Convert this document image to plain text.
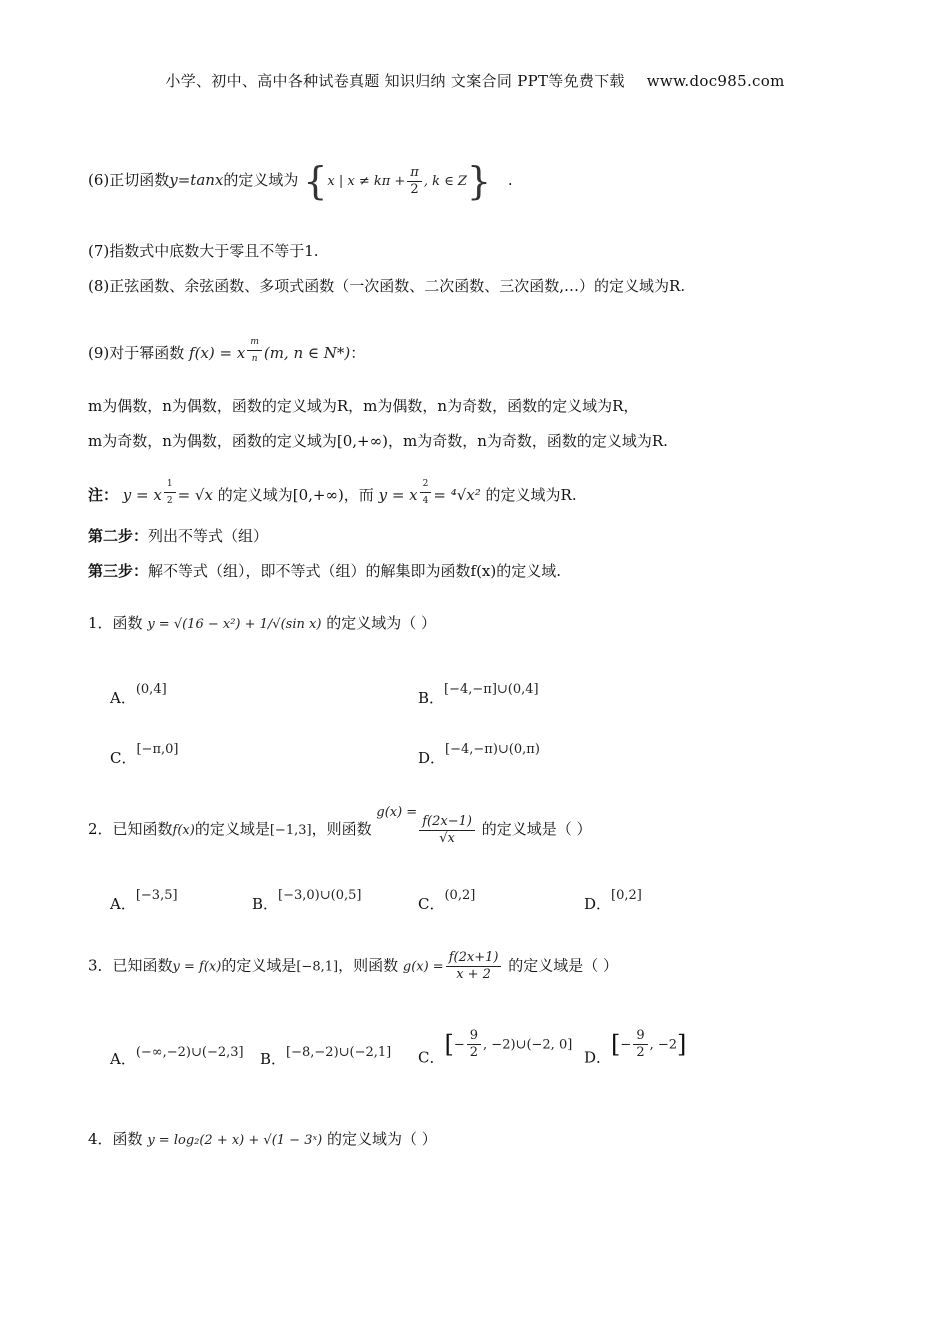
小学、初中、高中各种试卷真题 知识归纳 文案合同 PPT等免费下载 www.doc985.com
(6)正切函数y=tanx的定义域为 {x | $x \ne k\pi + \frac{\pi}{2}$ , k ∈ Z} .
(7)指数式中底数大于零且不等于1.
(8)正弦函数、余弦函数、多项式函数（一次函数、二次函数、三次函数,…）的定义域为R.
(9)对于幂函数 f(x) = x $\frac{m}{n} (m$, n ∈ N*)：
m为偶数，n为偶数，函数的定义域为R，m为偶数，n为奇数，函数的定义域为R，
m为奇数，n为偶数，函数的定义域为[0,+∞)，m为奇数，n为奇数，函数的定义域为R.
注： y = x $\frac{1}{2} = √x$ 的定义域为[0,+∞)，而 y = x $\frac{2}{4} = ^4√x^2$ 的定义域为R.
第二步：列出不等式（组）
第三步：解不等式（组），即不等式（组）的解集即为函数f(x)的定义域.
1．函数 y = √(16 − x²) + 1/√(sin x) 的定义域为（ ）
A．(0,4]	B．[−4,−π]∪(0,4]
C．[−π,0]	D．[−4,−π)∪(0,π)
2．已知函数f(x)的定义域是[−1,3]，则函数 g(x) =
$\frac{f(2x-1)}{√x}$ 的定义域是（ ）
A．[−3,5]	B．[−3,0)∪(0,5]	C．(0,2]	D．[0,2]
3．已知函数y = f(x)的定义域是[−8,1]，则函数 $g(x) = \frac{f(2x+1)}{x + 2}$ 的定义域是（ ）
A．(−∞,−2)∪(−2,3] B．[−8,−2)∪(−2,1] C．[− $\frac{9}{2}$ , −2)∪(−2, 0]
D．[− $\frac{9}{2}$ , −2]
4．函数 y = log₂(2 + x) + √(1 − 3ˣ) 的定义域为（ ）
